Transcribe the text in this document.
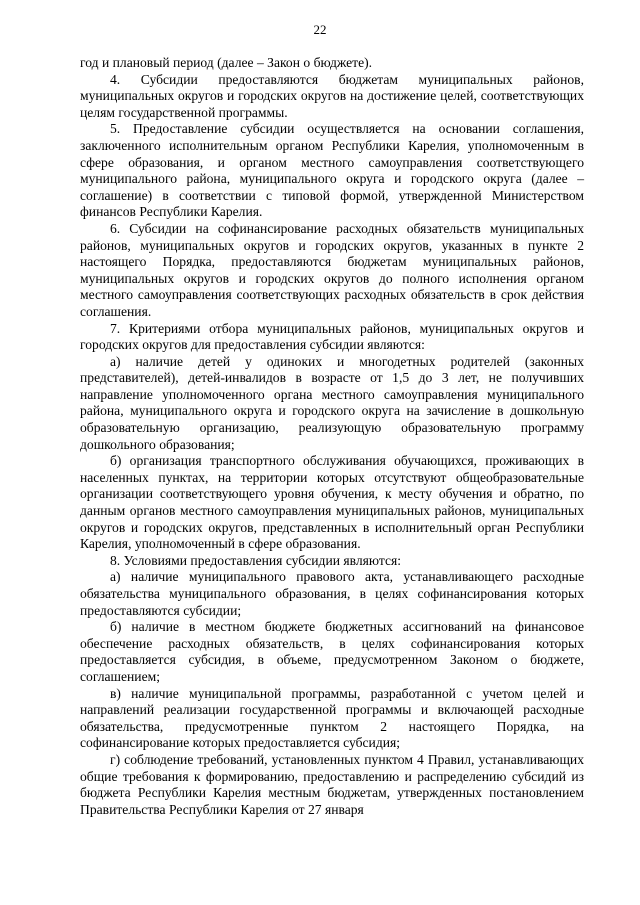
22

год и плановый период (далее – Закон о бюджете).

4. Субсидии предоставляются бюджетам муниципальных районов, муниципальных округов и городских округов на достижение целей, соответствующих целям государственной программы.

5. Предоставление субсидии осуществляется на основании соглашения, заключенного исполнительным органом Республики Карелия, уполномоченным в сфере образования, и органом местного самоуправления соответствующего муниципального района, муниципального округа и городского округа (далее – соглашение) в соответствии с типовой формой, утвержденной Министерством финансов Республики Карелия.

6. Субсидии на софинансирование расходных обязательств муниципальных районов, муниципальных округов и городских округов, указанных в пункте 2 настоящего Порядка, предоставляются бюджетам муниципальных районов, муниципальных округов и городских округов до полного исполнения органом местного самоуправления соответствующих расходных обязательств в срок действия соглашения.

7. Критериями отбора муниципальных районов, муниципальных округов и городских округов для предоставления субсидии являются:

а) наличие детей у одиноких и многодетных родителей (законных представителей), детей-инвалидов в возрасте от 1,5 до 3 лет, не получивших направление уполномоченного органа местного самоуправления муниципального района, муниципального округа и городского округа на зачисление в дошкольную образовательную организацию, реализующую образовательную программу дошкольного образования;

б) организация транспортного обслуживания обучающихся, проживающих в населенных пунктах, на территории которых отсутствуют общеобразовательные организации соответствующего уровня обучения, к месту обучения и обратно, по данным органов местного самоуправления муниципальных районов, муниципальных округов и городских округов, представленных в исполнительный орган Республики Карелия, уполномоченный в сфере образования.

8. Условиями предоставления субсидии являются:

а) наличие муниципального правового акта, устанавливающего расходные обязательства муниципального образования, в целях софинансирования которых предоставляются субсидии;

б) наличие в местном бюджете бюджетных ассигнований на финансовое обеспечение расходных обязательств, в целях софинансирования которых предоставляется субсидия, в объеме, предусмотренном Законом о бюджете, соглашением;

в) наличие муниципальной программы, разработанной с учетом целей и направлений реализации государственной программы и включающей расходные обязательства, предусмотренные пунктом 2 настоящего Порядка, на софинансирование которых предоставляется субсидия;

г) соблюдение требований, установленных пунктом 4 Правил, устанавливающих общие требования к формированию, предоставлению и распределению субсидий из бюджета Республики Карелия местным бюджетам, утвержденных постановлением Правительства Республики Карелия от 27 января
